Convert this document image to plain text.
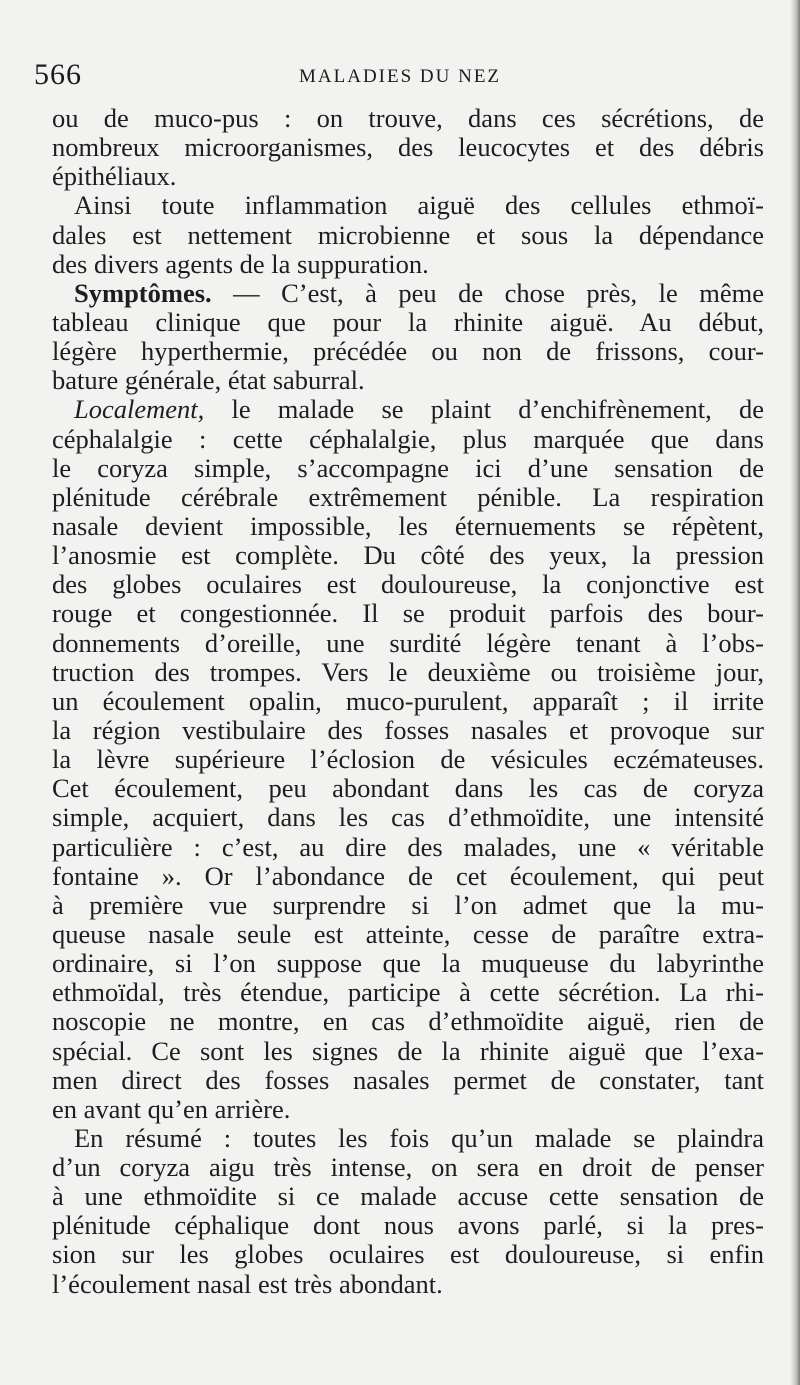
566	MALADIES DU NEZ
ou de muco-pus : on trouve, dans ces sécrétions, de
nombreux microorganismes, des leucocytes et des débris
épithéliaux.
Ainsi toute inflammation aiguë des cellules ethmoï-
dales est nettement microbienne et sous la dépendance
des divers agents de la suppuration.
Symptômes. — C’est, à peu de chose près, le même
tableau clinique que pour la rhinite aiguë. Au début,
légère hyperthermie, précédée ou non de frissons, cour-
bature générale, état saburral.
Localement, le malade se plaint d’enchifrènement, de
céphalalgie : cette céphalalgie, plus marquée que dans
le coryza simple, s’accompagne ici d’une sensation de
plénitude cérébrale extrêmement pénible. La respiration
nasale devient impossible, les éternuements se répètent,
l’anosmie est complète. Du côté des yeux, la pression
des globes oculaires est douloureuse, la conjonctive est
rouge et congestionnée. Il se produit parfois des bour-
donnements d’oreille, une surdité légère tenant à l’obs-
truction des trompes. Vers le deuxième ou troisième jour,
un écoulement opalin, muco-purulent, apparaît ; il irrite
la région vestibulaire des fosses nasales et provoque sur
la lèvre supérieure l’éclosion de vésicules eczémateuses.
Cet écoulement, peu abondant dans les cas de coryza
simple, acquiert, dans les cas d’ethmoïdite, une intensité
particulière : c’est, au dire des malades, une « véritable
fontaine ». Or l’abondance de cet écoulement, qui peut
à première vue surprendre si l’on admet que la mu-
queuse nasale seule est atteinte, cesse de paraître extra-
ordinaire, si l’on suppose que la muqueuse du labyrinthe
ethmoïdal, très étendue, participe à cette sécrétion. La rhi-
noscopie ne montre, en cas d’ethmoïdite aiguë, rien de
spécial. Ce sont les signes de la rhinite aiguë que l’exa-
men direct des fosses nasales permet de constater, tant
en avant qu’en arrière.
En résumé : toutes les fois qu’un malade se plaindra
d’un coryza aigu très intense, on sera en droit de penser
à une ethmoïdite si ce malade accuse cette sensation de
plénitude céphalique dont nous avons parlé, si la pres-
sion sur les globes oculaires est douloureuse, si enfin
l’écoulement nasal est très abondant.
